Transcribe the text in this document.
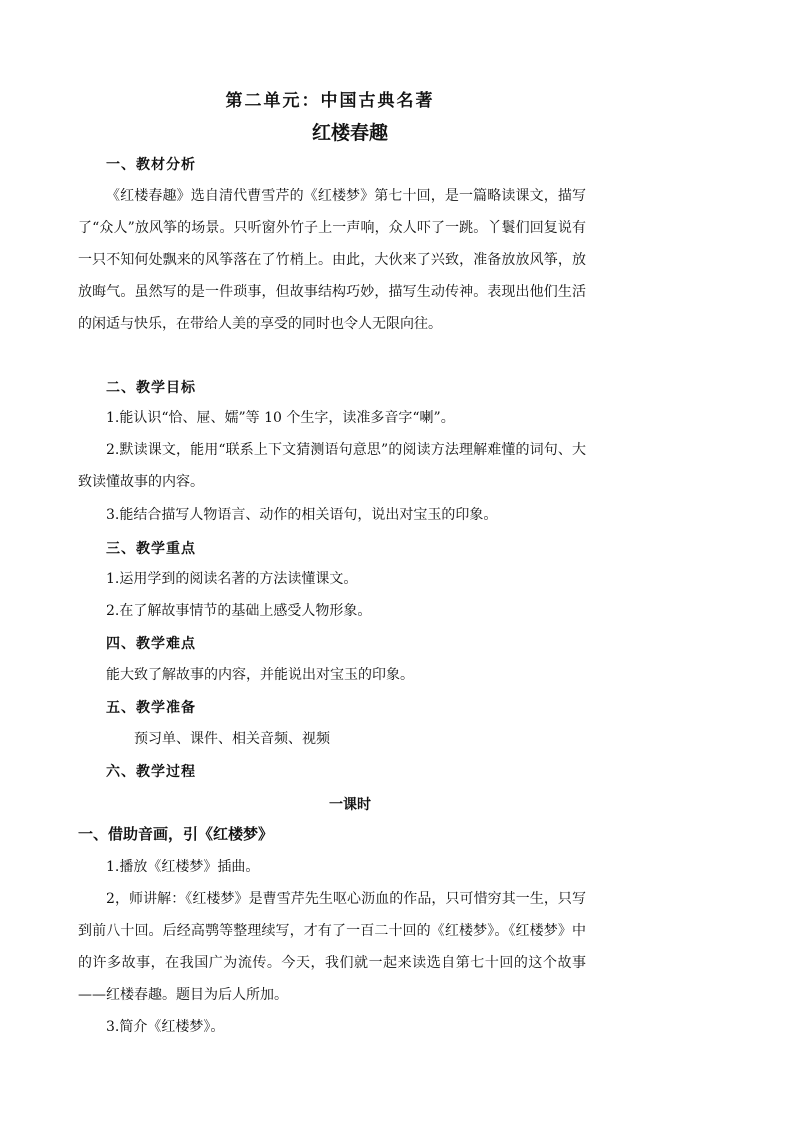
第二单元：中国古典名著
红楼春趣
一、教材分析
《红楼春趣》选自清代曹雪芹的《红楼梦》第七十回，是一篇略读课文，描写了“众人”放风筝的场景。只听窗外竹子上一声响，众人吓了一跳。丫鬟们回复说有一只不知何处飘来的风筝落在了竹梢上。由此，大伙来了兴致，准备放放风筝，放放晦气。虽然写的是一件琐事，但故事结构巧妙，描写生动传神。表现出他们生活的闲适与快乐，在带给人美的享受的同时也令人无限向往。
二、教学目标
1.能认识“恰、屉、嬬”等 10 个生字，读准多音字“喇”。
2.默读课文，能用“联系上下文猜测语句意思”的阅读方法理解难懂的词句、大致读懂故事的内容。
3.能结合描写人物语言、动作的相关语句，说出对宝玉的印象。
三、教学重点
1.运用学到的阅读名著的方法读懂课文。
2.在了解故事情节的基础上感受人物形象。
四、教学难点
能大致了解故事的内容，并能说出对宝玉的印象。
五、教学准备
预习单、课件、相关音频、视频
六、教学过程
一课时
一、借助音画，引《红楼梦》
1.播放《红楼梦》插曲。
2，师讲解：《红楼梦》是曹雪芹先生呕心沥血的作品，只可惜穷其一生，只写到前八十回。后经高鹗等整理续写，才有了一百二十回的《红楼梦》。《红楼梦》中的许多故事，在我国广为流传。今天，我们就一起来读选自第七十回的这个故事——红楼春趣。题目为后人所加。
3.简介《红楼梦》。
